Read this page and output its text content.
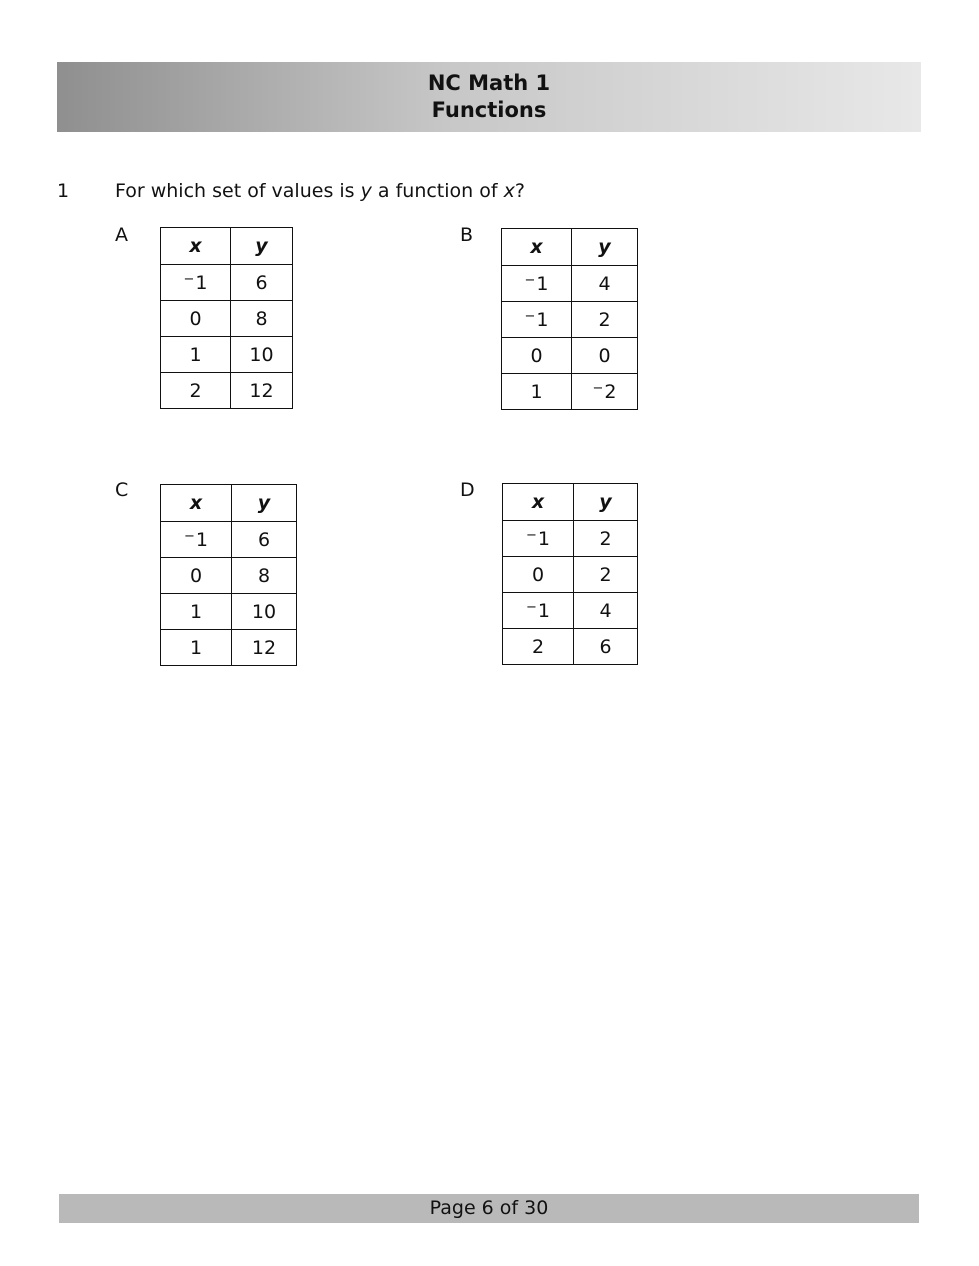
NC Math 1
Functions
1 For which set of values is y a function of x?
A	x	y
−1	6
0	8
1	10
2	12
B
x	y
−1	4
−1	2
0	0
1	−2
C
x	y
−1	6
0	8
1	10
1	12
D
x	y
−1	2
0	2
−1	4
2	6
Page 6 of 30
